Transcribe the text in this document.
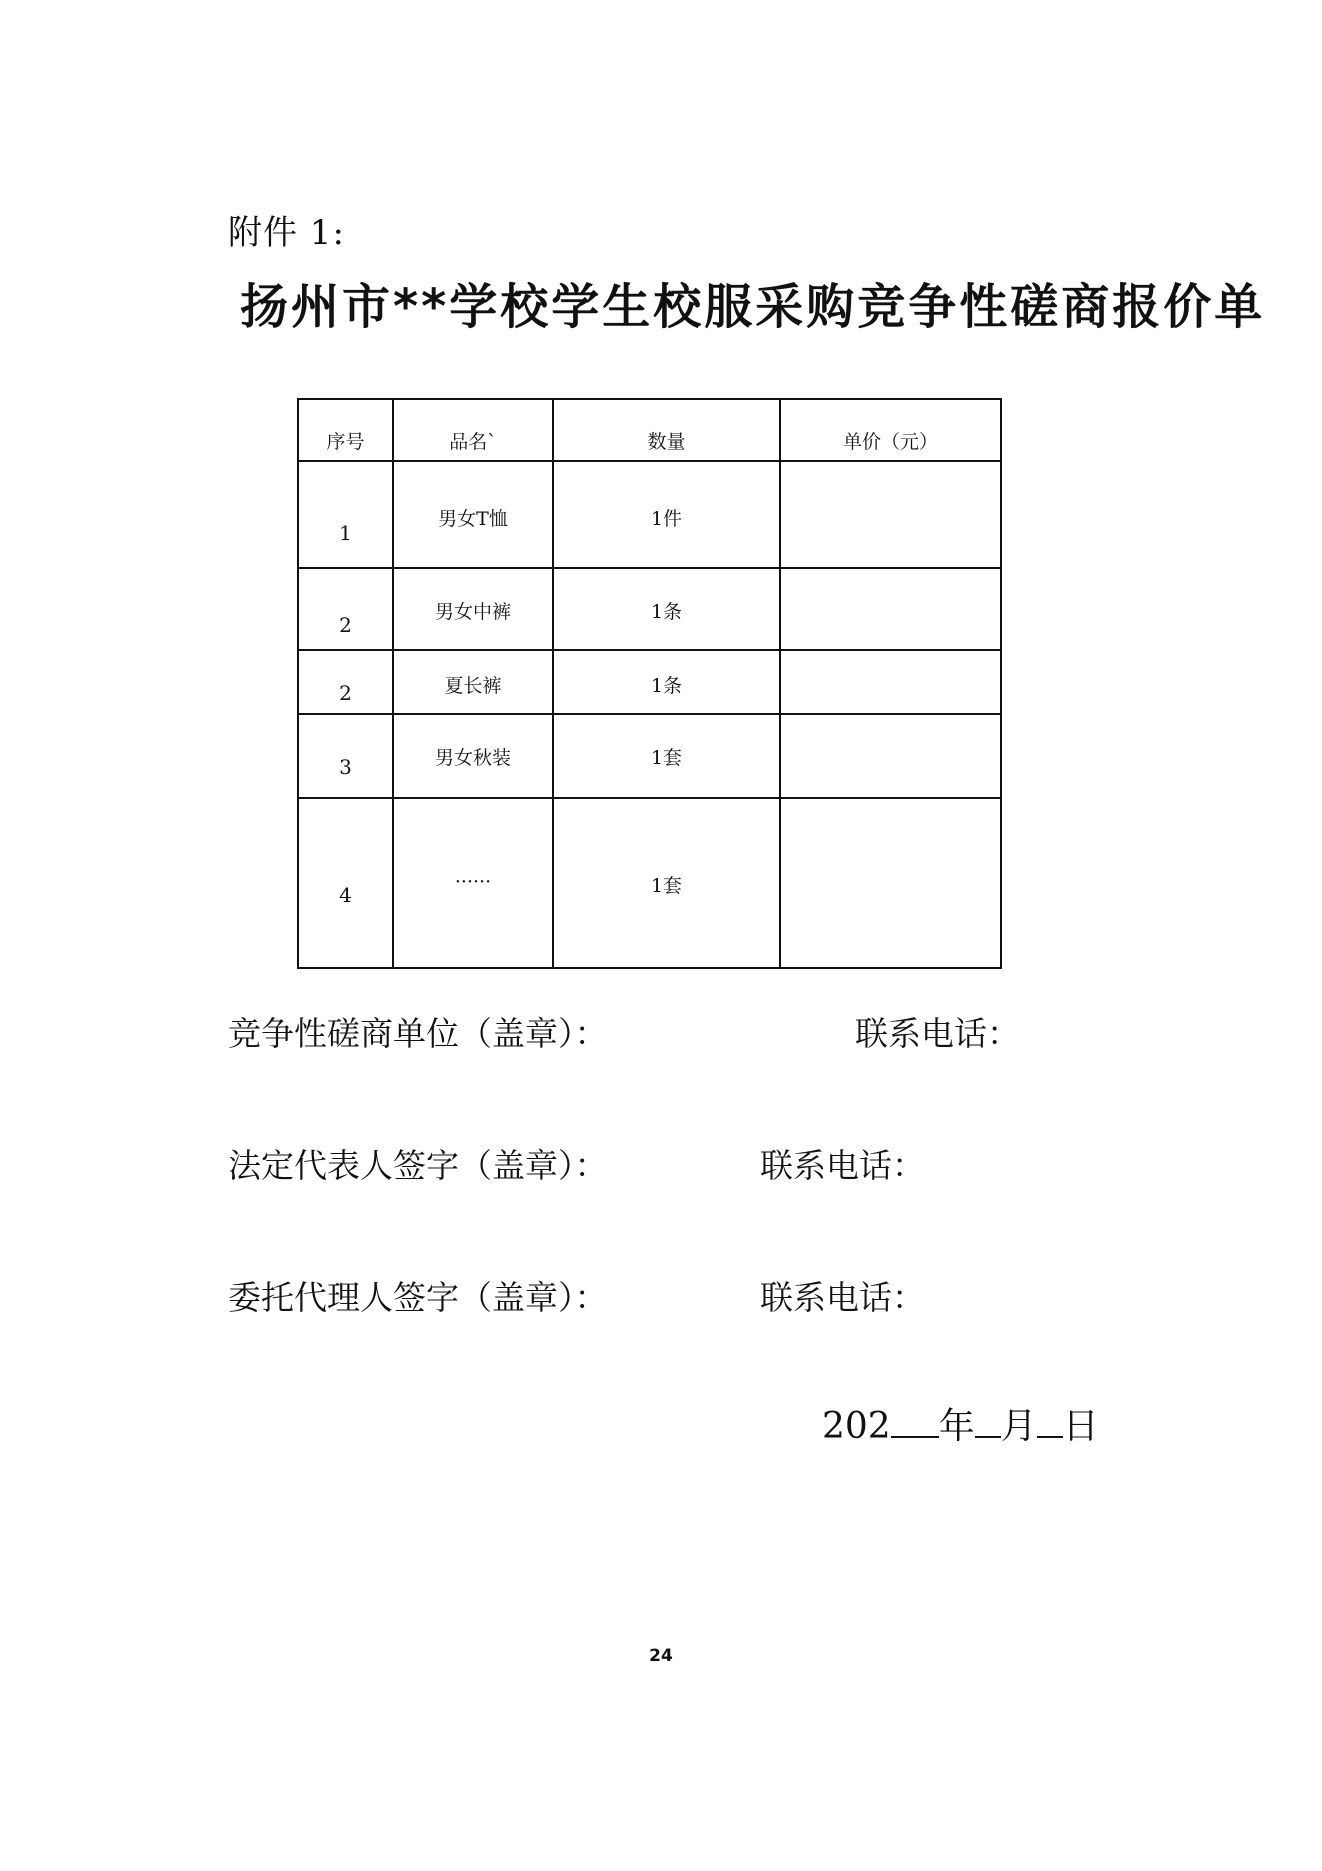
附件 1:
扬州市**学校学生校服采购竞争性磋商报价单
序号	品名`	数量	单价（元）

1	男女T恤	1件	

2	男女中裤	1条	

2	夏长裤	1条	

3	男女秋装	1套	

4	······	1套	

竞争性磋商单位（盖章）：	联系电话：
法定代表人签字（盖章）：	联系电话：
委托代理人签字（盖章）：	联系电话：
202 年 月 日
24
